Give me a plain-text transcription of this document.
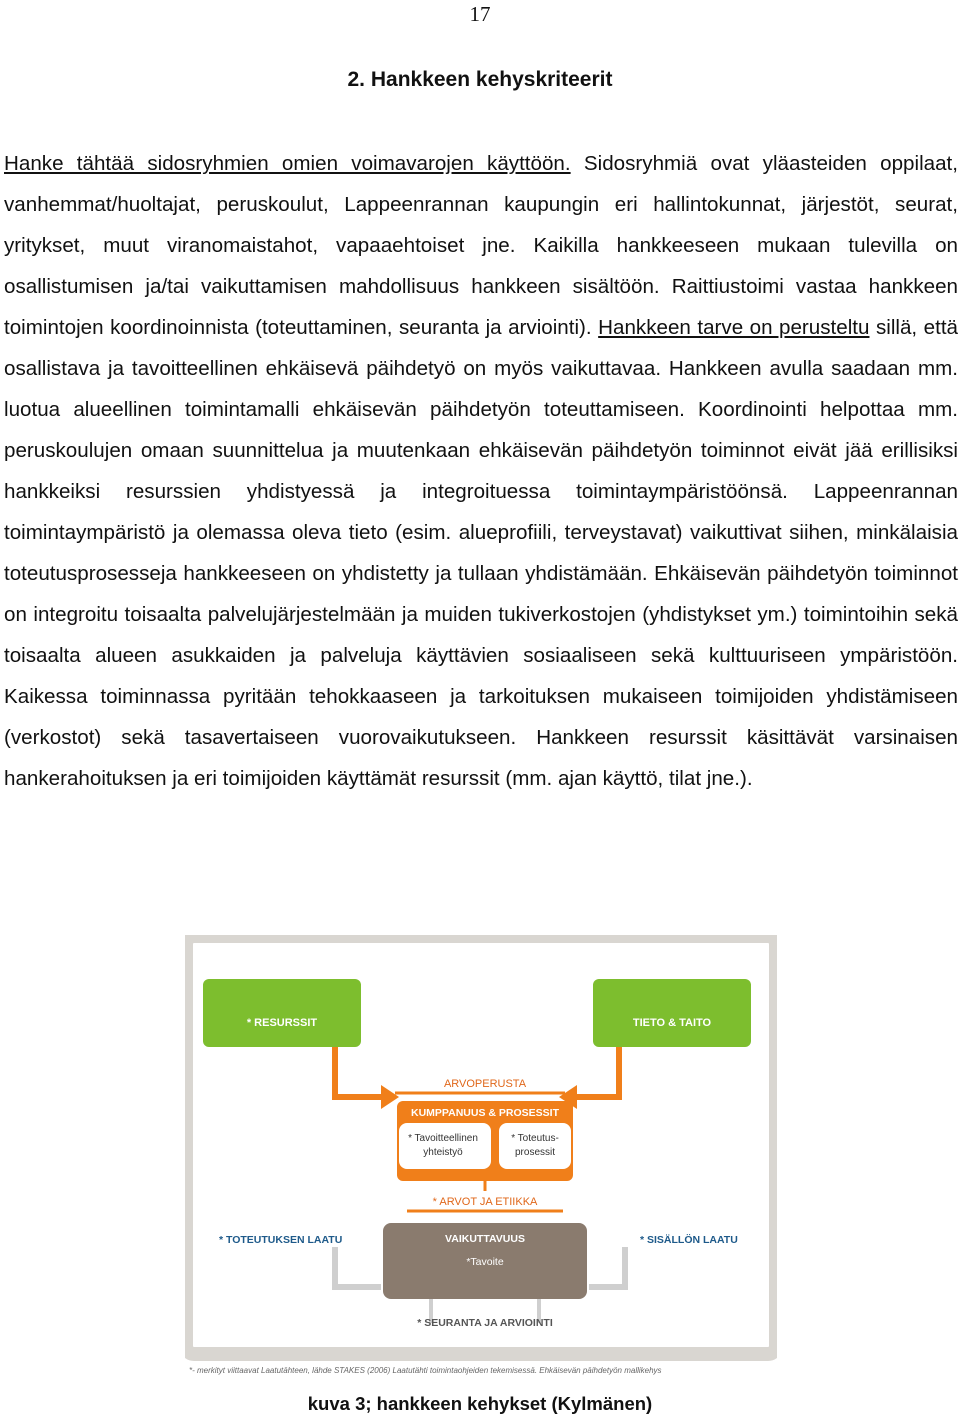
17
2. Hankkeen kehyskriteerit
Hanke tähtää sidosryhmien omien voimavarojen käyttöön. Sidosryhmiä ovat yläasteiden oppilaat, vanhemmat/huoltajat, peruskoulut, Lappeenrannan kaupungin eri hallintokunnat, järjestöt, seurat, yritykset, muut viranomaistahot, vapaaehtoiset jne. Kaikilla hankkeeseen mukaan tulevilla on osallistumisen ja/tai vaikuttamisen mahdollisuus hankkeen sisältöön. Raittiustoimi vastaa hankkeen toimintojen koordinoinnista (toteuttaminen, seuranta ja arviointi). Hankkeen tarve on perusteltu sillä, että osallistava ja tavoitteellinen ehkäisevä päihdetyö on myös vaikuttavaa. Hankkeen avulla saadaan mm. luotua alueellinen toimintamalli ehkäisevän päihdetyön toteuttamiseen. Koordinointi helpottaa mm. peruskoulujen omaan suunnittelua ja muutenkaan ehkäisevän päihdetyön toiminnot eivät jää erillisiksi hankkeiksi resurssien yhdistyessä ja integroituessa toimintaympäristöönsä. Lappeenrannan toimintaympäristö ja olemassa oleva tieto (esim. alueprofiili, terveystavat) vaikuttivat siihen, minkälaisia toteutusprosesseja hankkeeseen on yhdistetty ja tullaan yhdistämään. Ehkäisevän päihdetyön toiminnot on integroitu toisaalta palvelujärjestelmään ja muiden tukiverkostojen (yhdistykset ym.) toimintoihin sekä toisaalta alueen asukkaiden ja palveluja käyttävien sosiaaliseen sekä kulttuuriseen ympäristöön. Kaikessa toiminnassa pyritään tehokkaaseen ja tarkoituksen mukaiseen toimijoiden yhdistämiseen (verkostot) sekä tasavertaiseen vuorovaikutukseen. Hankkeen resurssit käsittävät varsinaisen hankerahoituksen ja eri toimijoiden käyttämät resurssit (mm. ajan käyttö, tilat jne.).
* RESURSSIT	TIETO & TAITO
ARVOPERUSTA
KUMPPANUUS & PROSESSIT
* Tavoitteellinen
yhteistyö
* Toteutus-
prosessit
* ARVOT JA ETIIKKA
* TOTEUTUKSEN LAATU	* SISÄLLÖN LAATU
VAIKUTTAVUUS
*Tavoite
* SEURANTA JA ARVIOINTI
*- merkityt viittaavat Laatutähteen, lähde STAKES (2006) Laatutähti toimintaohjeiden tekemisessä. Ehkäisevän päihdetyön mallikehys
kuva 3; hankkeen kehykset (Kylmänen)
